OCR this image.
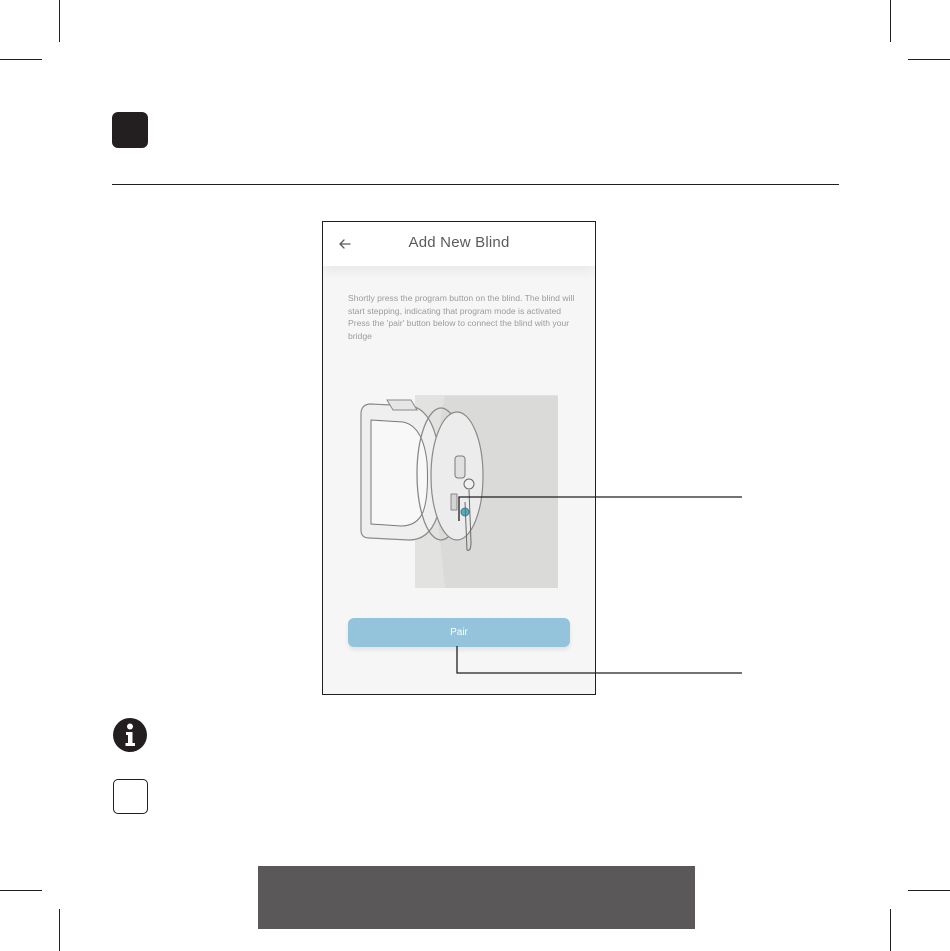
Add New Blind
Shortly press the program button on the blind. The blind will start stepping, indicating that program mode is activated Press the 'pair' button below to connect the blind with your bridge
Pair
